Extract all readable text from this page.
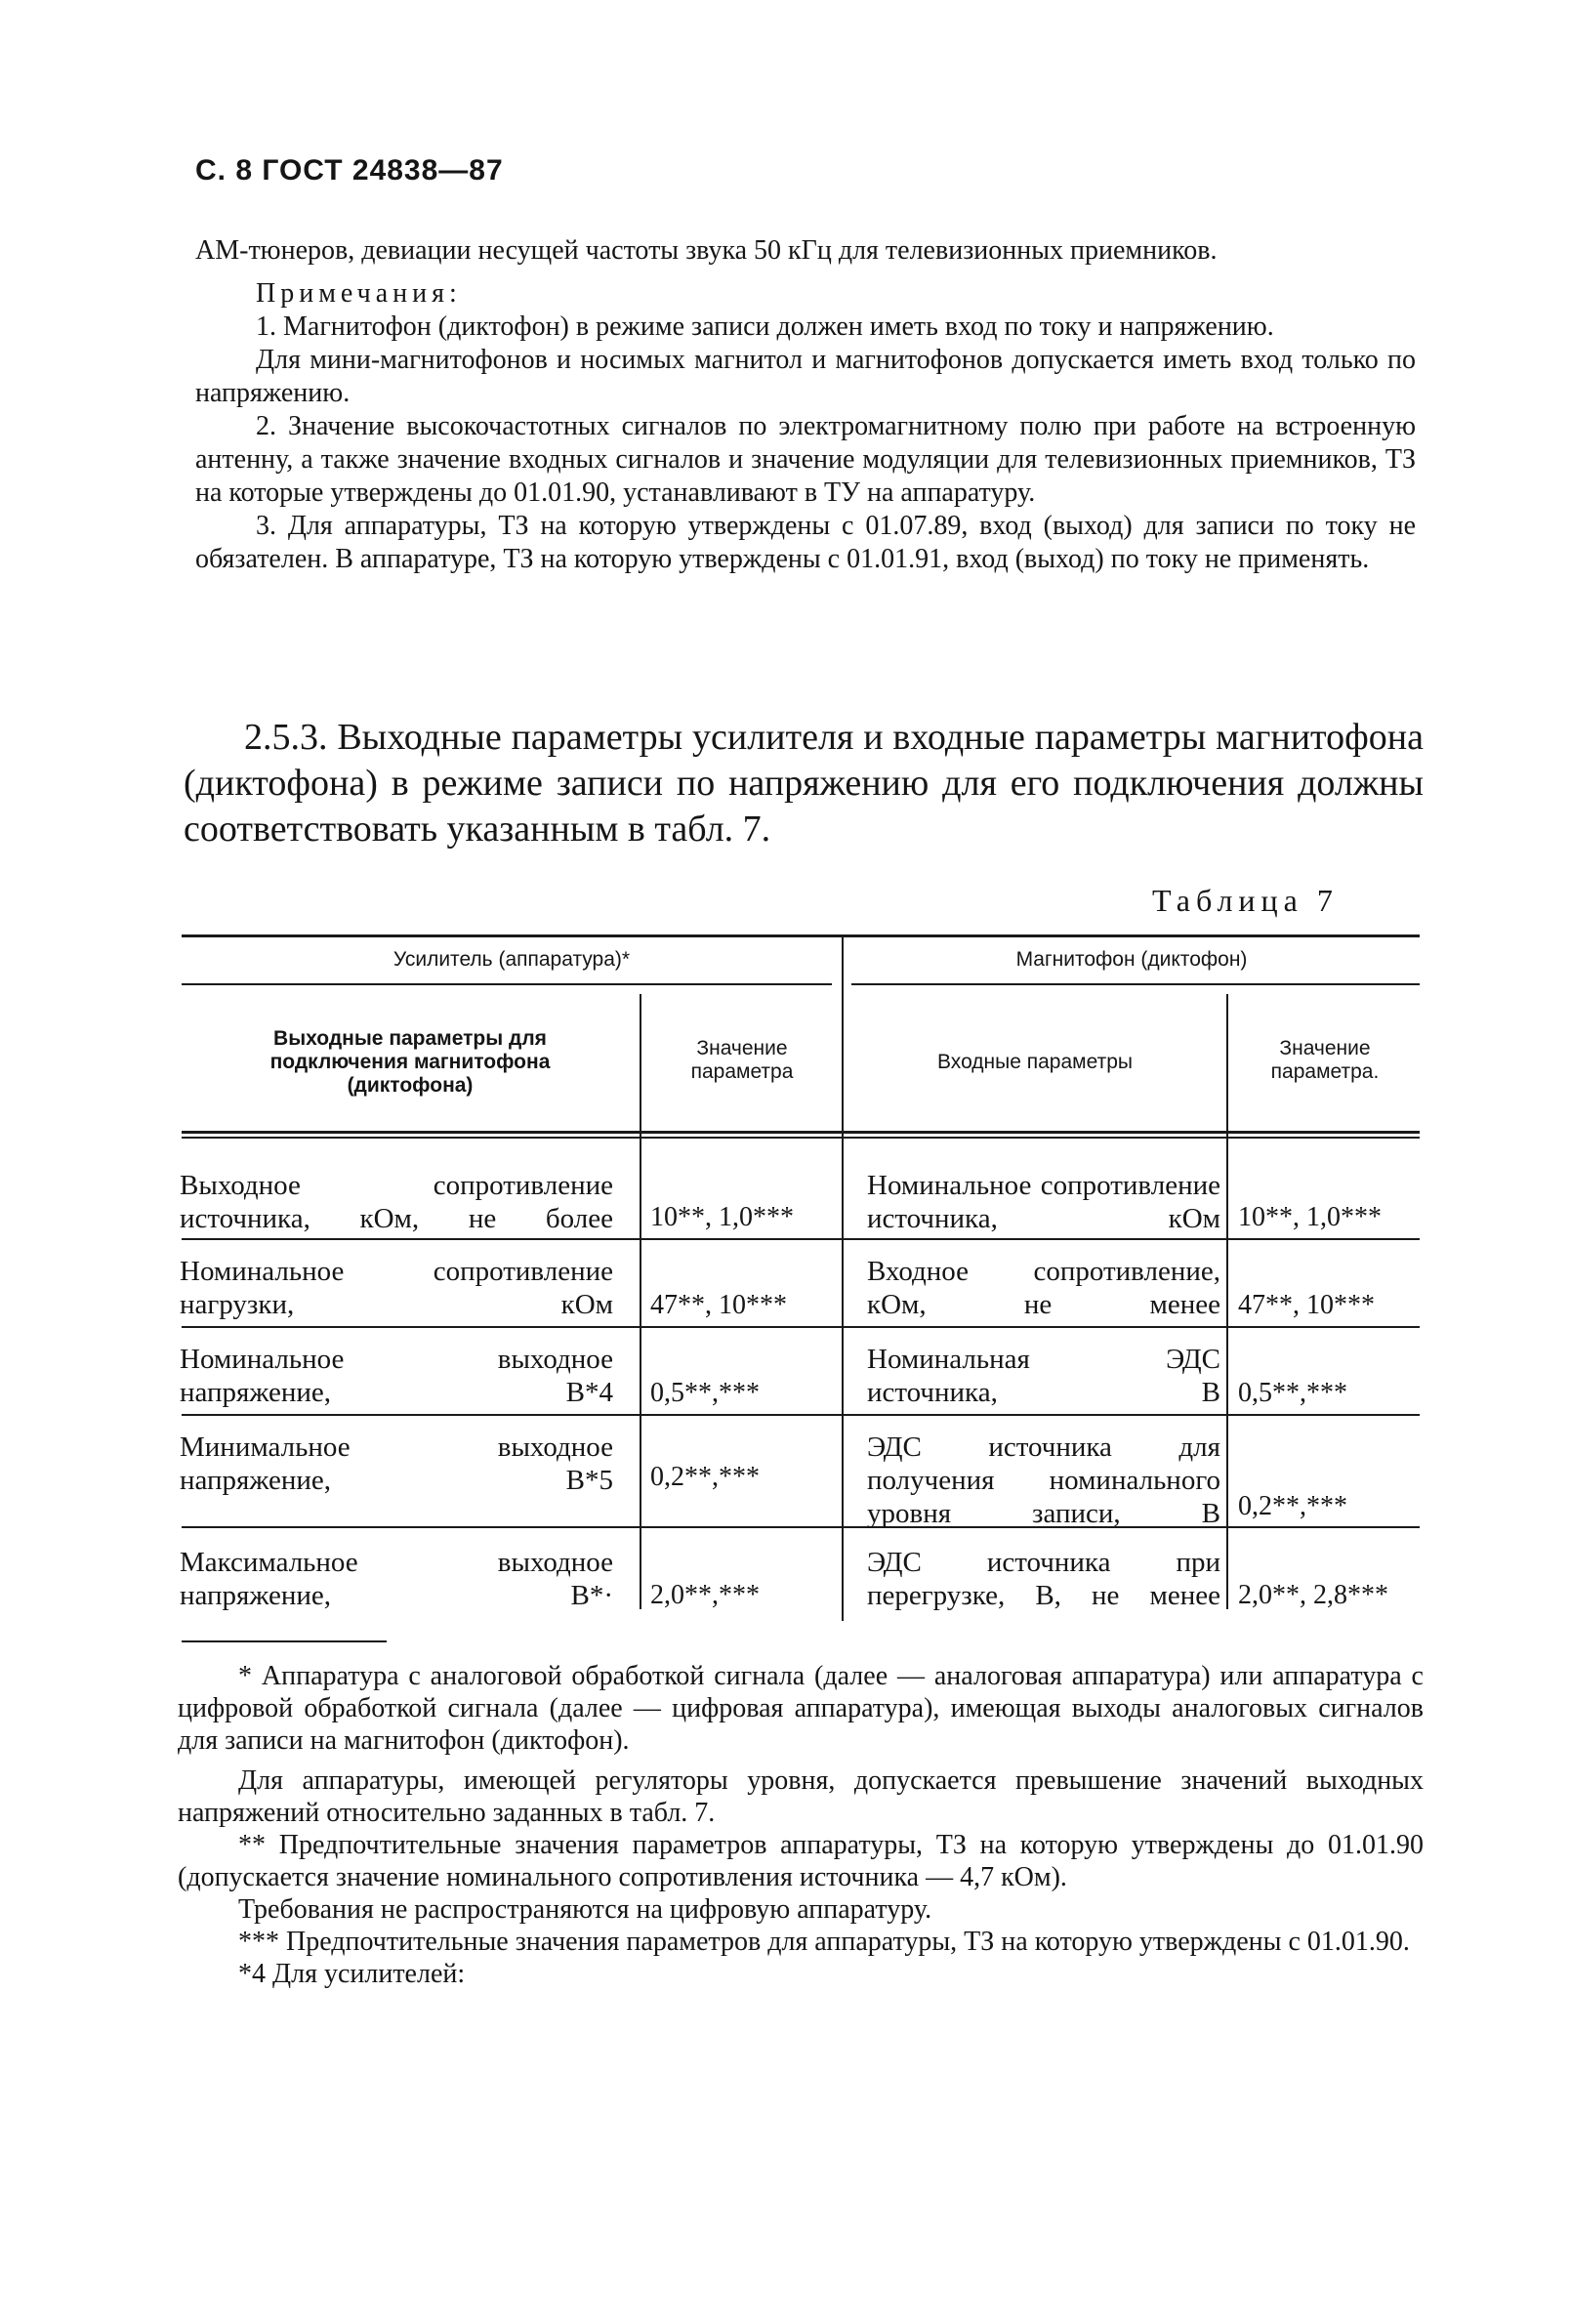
С. 8 ГОСТ 24838—87

АМ-тюнеров, девиации несущей частоты звука 50 кГц для телевизионных приемников.

Примечания:

1. Магнитофон (диктофон) в режиме записи должен иметь вход по току и напряжению.

Для мини-магнитофонов и носимых магнитол и магнитофонов допускается иметь вход только по напряжению.

2. Значение высокочастотных сигналов по электромагнитному полю при работе на встроенную антенну, а также значение входных сигналов и значение модуляции для телевизионных приемников, ТЗ на которые утверждены до 01.01.90, устанавливают в ТУ на аппаратуру.

3. Для аппаратуры, ТЗ на которую утверждены с 01.07.89, вход (выход) для записи по току не обязателен. В аппаратуре, ТЗ на которую утверждены с 01.01.91, вход (выход) по току не применять.

2.5.3. Выходные параметры усилителя и входные параметры магнитофона (диктофона) в режиме записи по напряжению для его подключения должны соответствовать указанным в табл. 7.
Таблица 7
Усилитель (аппаратура)*	Магнитофон (диктофон)
Выходные параметры для подключения магнитофона (диктофона)
Значение параметра	Входные параметры
Значение параметра.
Выходное сопротивление источника, кОм, не более 10**, 1,0***
Номинальное сопротивление источника, кОм 10**, 1,0***
Номинальное сопротивление нагрузки, кОм 47**, 10***
Входное сопротивление, кОм, не менее 47**, 10***
Номинальное выходное напряжение, В*4 0,5**,***
Номинальная ЭДС источника, В 0,5**,***
Минимальное выходное напряжение, В*5 0,2**,***
ЭДС источника для получения номинального уровня записи, В 0,2**,***
Максимальное выходное напряжение, В*· 2,0**,***
ЭДС источника при перегрузке, В, не менее 2,0**, 2,8***

* Аппаратура с аналоговой обработкой сигнала (далее — аналоговая аппаратура) или аппаратура с цифровой обработкой сигнала (далее — цифровая аппаратура), имеющая выходы аналоговых сигналов для записи на магнитофон (диктофон).

Для аппаратуры, имеющей регуляторы уровня, допускается превышение значений выходных напряжений относительно заданных в табл. 7.

** Предпочтительные значения параметров аппаратуры, ТЗ на которую утверждены до 01.01.90 (допускается значение номинального сопротивления источника — 4,7 кОм).

Требования не распространяются на цифровую аппаратуру.

*** Предпочтительные значения параметров для аппаратуры, ТЗ на которую утверждены с 01.01.90.

*4 Для усилителей:
